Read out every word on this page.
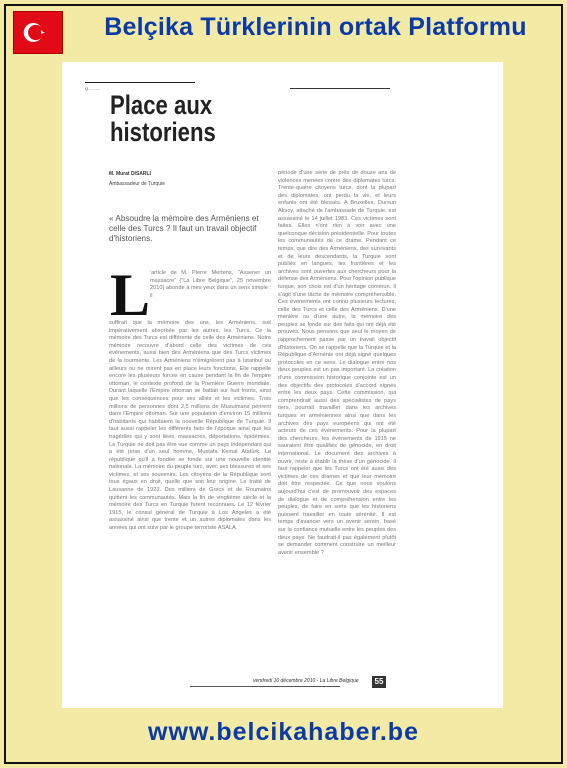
Belçika Türklerinin ortak Platformu
Q...........
Place aux
historiens
M. Murat DISARLI
Ambassadeur de Turquie
« Absoudre la mémoire des Arméniens et celle des Turcs ? Il faut un travail objectif d'historiens.
L 'article de M. Pierre Mertens, "Assener un massacre" ("La Libre Belgique", 25 novembre 2010) abonde à mes yeux dans un sens simple : il
suffirait que la mémoire des uns, les Arméniens, soit impérativement absorbée par les autres, les Turcs. Ce la mémoire des Turcs est différente de celle des Arméniens. Notre mémoire recouvre d'abord celle des victimes de ces événements, aussi bien des Arméniens que des Turcs victimes de la tourmente. Les Arméniens n'émigrèrent pas à Istanbul ou ailleurs ou ne mirent pas en place leurs fonctions. Elle rappelle encore les plusieurs forces en cause pendant la fin de l'empire ottoman, le contexte profond de la Première Guerre mondiale. Durant laquelle l'Empire ottoman se battait sur huit fronts, ainsi que les conséquences pour ses alliés et les victimes. Trois millions de personnes dont 2,5 millions de Musulmans périrent dans l'Empire ottoman. Sur une population d'environ 15 millions d'habitants qui habitaient la nouvelle République de Turquie. Il faut aussi rappeler les différents faits de l'époque ainsi que les tragédies qui y sont liées, massacres, déportations, épidémies. La Turquie ne doit pas être vue comme un pays indépendant qui a été prise d'un seul homme, Mustafa Kemal Atatürk. La république qu'il a fondée se fonde sur une nouvelle identité nationale. La mémoire du peuple turc, avec ses blessures et ses victimes, et ses souvenirs. Les citoyens de la République sont tous égaux en droit, quelle que soit leur origine. Le traité de Lausanne de 1923. Des milliers de Grecs et de Roumains quittent les communautés. Mais la fin de vingtième siècle et la mémoire des Turcs en Turquie furent reconnues. Le 12 février 1915, le consul général de Turquie à Los Angeles a été assassiné ainsi que trente et un autres diplomates dans les années qui ont suivi par le groupe terroriste ASALA.
période d'une série de près de douze ans de violences menées contre des diplomates turcs. Trente-quatre citoyens turcs, dont la plupart des diplomates, ont perdu la vie, et leurs enfants ont été blessés. A Bruxelles, Dursun Aksoy, attaché de l'ambassade de Turquie, est assassiné le 14 juillet 1983. Ces victimes sont faites. Elles n'ont rien à voir avec une quelconque décision présidentielle. Pour toutes les communautés de ce drame. Pendant ce temps, que dire des Arméniens, des survivants et de leurs descendants, la Turquie sont publiés en langues, les frontières et les archives sont ouvertes aux chercheurs pour la défense des Arméniens. Pour l'opinion publique turque, son choix est d'un héritage commun. Il s'agit d'une tâche de mémoire compréhensible. Ces événements ont connu plusieurs lectures, celle des Turcs et celle des Arméniens. D'une manière ou d'une autre, la mémoire des peuples se fonde sur des faits qui ont déjà été prouvés. Nous pensons que seul le moyen de rapprochement passe par un travail objectif d'historiens. On se rappelle que la Turquie et la République d'Arménie ont déjà signé quelques protocoles en ce sens. Le dialogue entre nos deux peuples est un pas important. La création d'une commission historique conjointe est un des objectifs des protocoles d'accord signés entre les deux pays. Cette commission, qui comprendrait aussi des spécialistes de pays tiers, pourrait travailler dans les archives turques et arméniennes ainsi que dans les archives des pays européens qui ont été acteurs de ces événements. Pour la plupart des chercheurs, les événements de 1915 ne sauraient être qualifiés de génocide, en droit international. Le document des archives à ouvrir, reste à établir la thèse d'un génocide. Il faut rappeler que les Turcs ont été aussi des victimes de ces drames et que leur mémoire doit être respectée. Ce que nous voulons aujourd'hui c'est de promouvoir des espaces de dialogue et de compréhension entre les peuples, de faire en sorte que les historiens puissent travailler en toute sérénité. Il est temps d'avancer vers un avenir serein, basé sur la confiance mutuelle entre les peuples des deux pays. Ne faudrait-il pas également plutôt se demander comment construire un meilleur avenir ensemble ?
vendredi 10 décembre 2010 - La Libre Belgique	55
www.belcikahaber.be
